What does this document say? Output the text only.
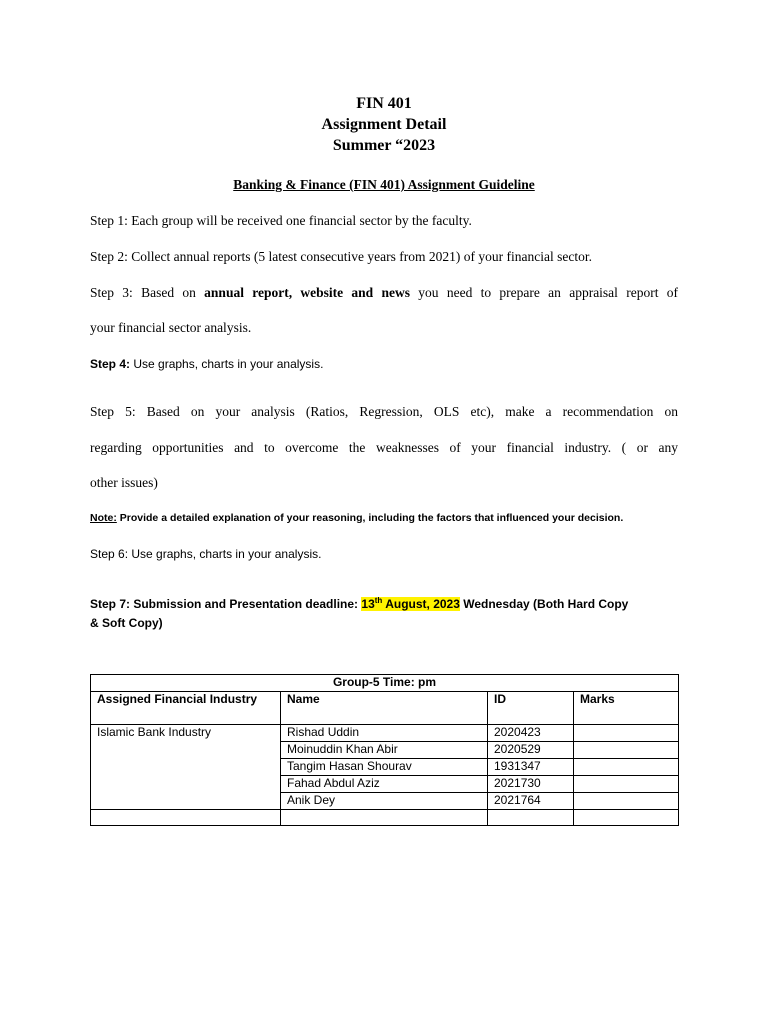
FIN 401
Assignment Detail
Summer “2023
Banking & Finance (FIN 401) Assignment Guideline
Step 1: Each group will be received one financial sector by the faculty.
Step 2: Collect annual reports (5 latest consecutive years from 2021) of your financial sector.
Step 3: Based on annual report, website and news you need to prepare an appraisal report of
your financial sector analysis.
Step 4: Use graphs, charts in your analysis.
Step 5: Based on your analysis (Ratios, Regression, OLS etc), make a recommendation on
regarding opportunities and to overcome the weaknesses of your financial industry. ( or any
other issues)
Note: Provide a detailed explanation of your reasoning, including the factors that influenced your decision.
Step 6: Use graphs, charts in your analysis.
Step 7: Submission and Presentation deadline: 13th August, 2023 Wednesday (Both Hard Copy
& Soft Copy)
Group-5 Time: pm			
Assigned Financial Industry	Name	ID	Marks
Islamic Bank Industry	Rishad Uddin	2020423	
	Moinuddin Khan Abir	2020529	
	Tangim Hasan Shourav	1931347	
	Fahad Abdul Aziz	2021730	
	Anik Dey	2021764	
